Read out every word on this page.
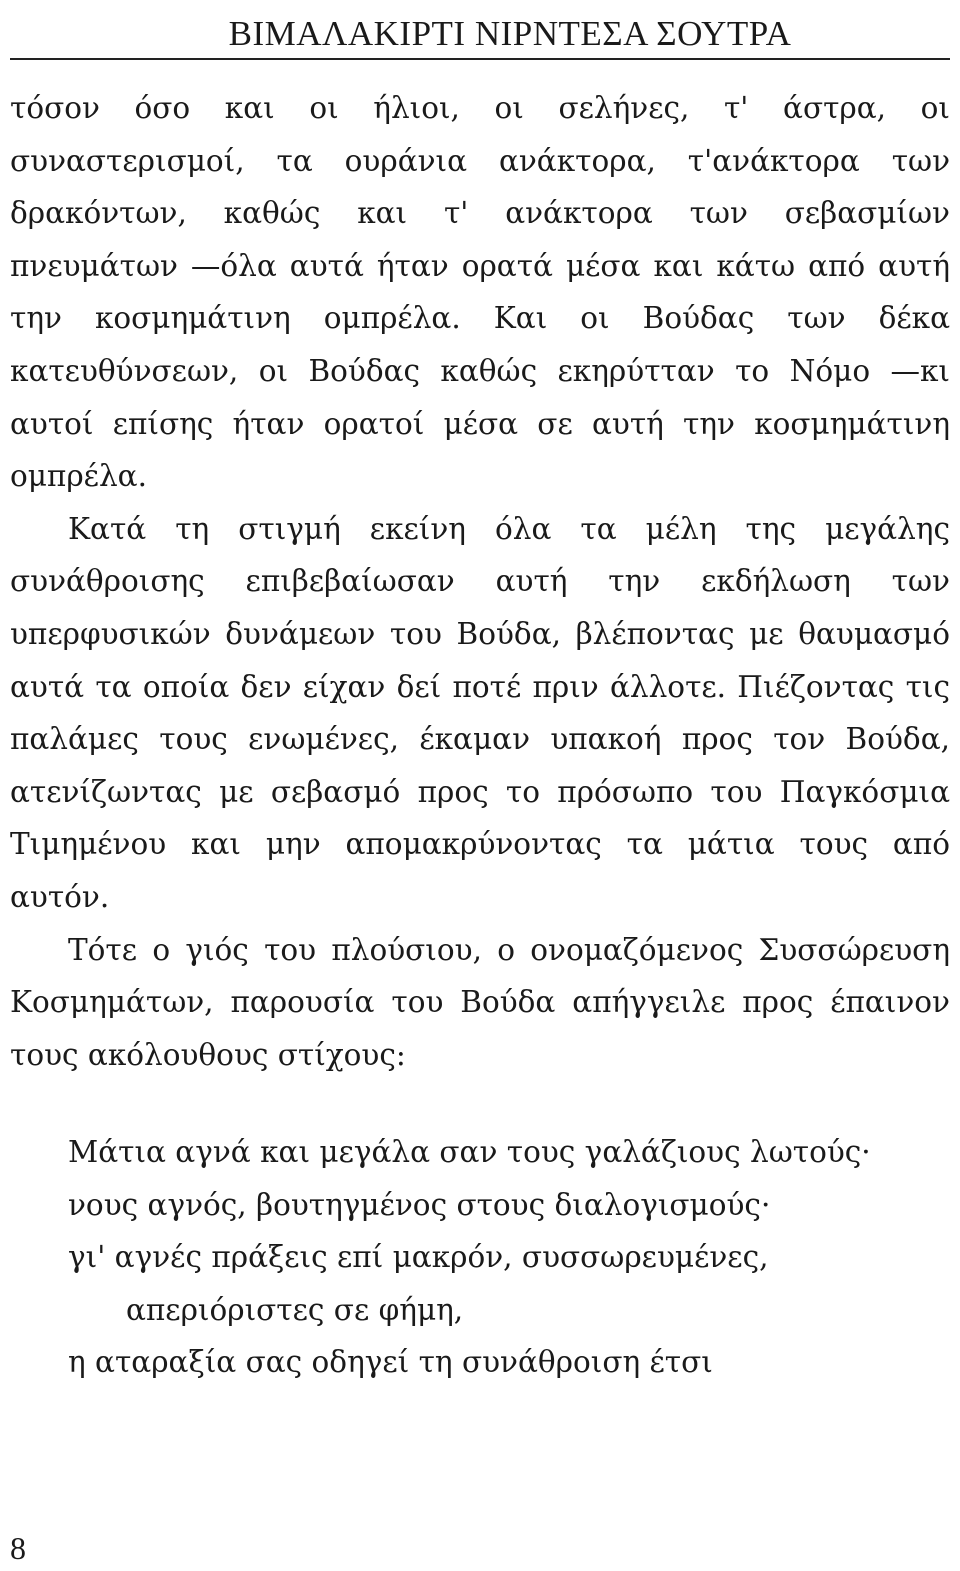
ΒΙΜΑΛΑΚΙΡΤΙ ΝΙΡΝΤΕΣΑ ΣΟΥΤΡΑ

τόσον όσο και οι ήλιοι, οι σελήνες, τ' άστρα, οι συναστερισμοί, τα ουράνια ανάκτορα, τ'ανάκτορα των δρακόντων, καθώς και τ' ανάκτορα των σεβασμίων πνευμάτων —όλα αυτά ήταν ορατά μέσα και κάτω από αυτή την κοσμημάτινη ομπρέλα. Και οι Βούδας των δέκα κατευθύνσεων, οι Βούδας καθώς εκηρύτταν το Νόμο —κι αυτοί επίσης ήταν ορατοί μέσα σε αυτή την κοσμημάτινη ομπρέλα.

Κατά τη στιγμή εκείνη όλα τα μέλη της μεγάλης συνάθροισης επιβεβαίωσαν αυτή την εκδήλωση των υπερφυσικών δυνάμεων του Βούδα, βλέποντας με θαυμασμό αυτά τα οποία δεν είχαν δεί ποτέ πριν άλλοτε. Πιέζοντας τις παλάμες τους ενωμένες, έκαμαν υπακοή προς τον Βούδα, ατενίζωντας με σεβασμό προς το πρόσωπο του Παγκόσμια Τιμημένου και μην απομακρύνοντας τα μάτια τους από αυτόν.

Τότε ο γιός του πλούσιου, ο ονομαζόμενος Συσσώρευση Κοσμημάτων, παρουσία του Βούδα απήγγειλε προς έπαινον τους ακόλουθους στίχους:

Μάτια αγνά και μεγάλα σαν τους γαλάζιους λωτούς·
νους αγνός, βουτηγμένος στους διαλογισμούς·
γι' αγνές πράξεις επί μακρόν, συσσωρευμένες, απεριόριστες σε φήμη,
η αταραξία σας οδηγεί τη συνάθροιση έτσι
8
